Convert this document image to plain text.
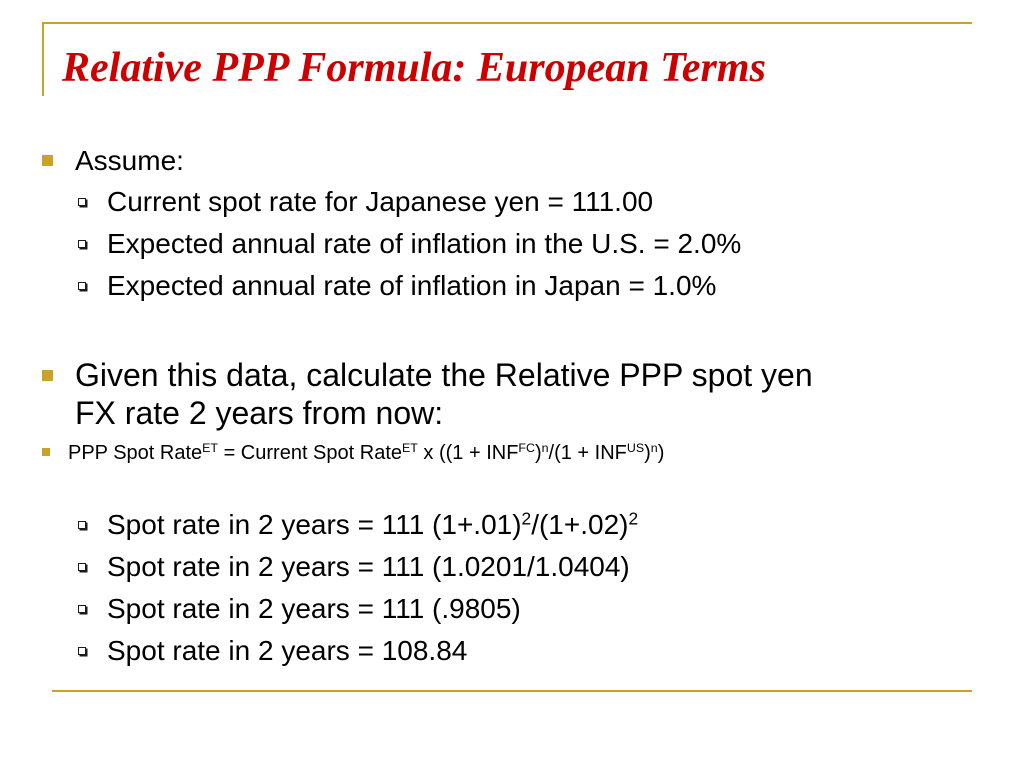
Relative PPP Formula: European Terms
Assume:
Current spot rate for Japanese yen = 111.00
Expected annual rate of inflation in the U.S. = 2.0%
Expected annual rate of inflation in Japan = 1.0%
Given this data, calculate the Relative PPP spot yen
FX rate 2 years from now:
PPP Spot Rate$^{ET}$ = Current Spot Rate$^{ET}$ x $((1 + INF^{FC})^n/(1 + INF^{US})^n)$
Spot rate in 2 years = 111 $(1+.01)^2/(1+.02)^2$
Spot rate in 2 years = 111 (1.0201/1.0404)
Spot rate in 2 years = 111 (.9805)
Spot rate in 2 years = 108.84
